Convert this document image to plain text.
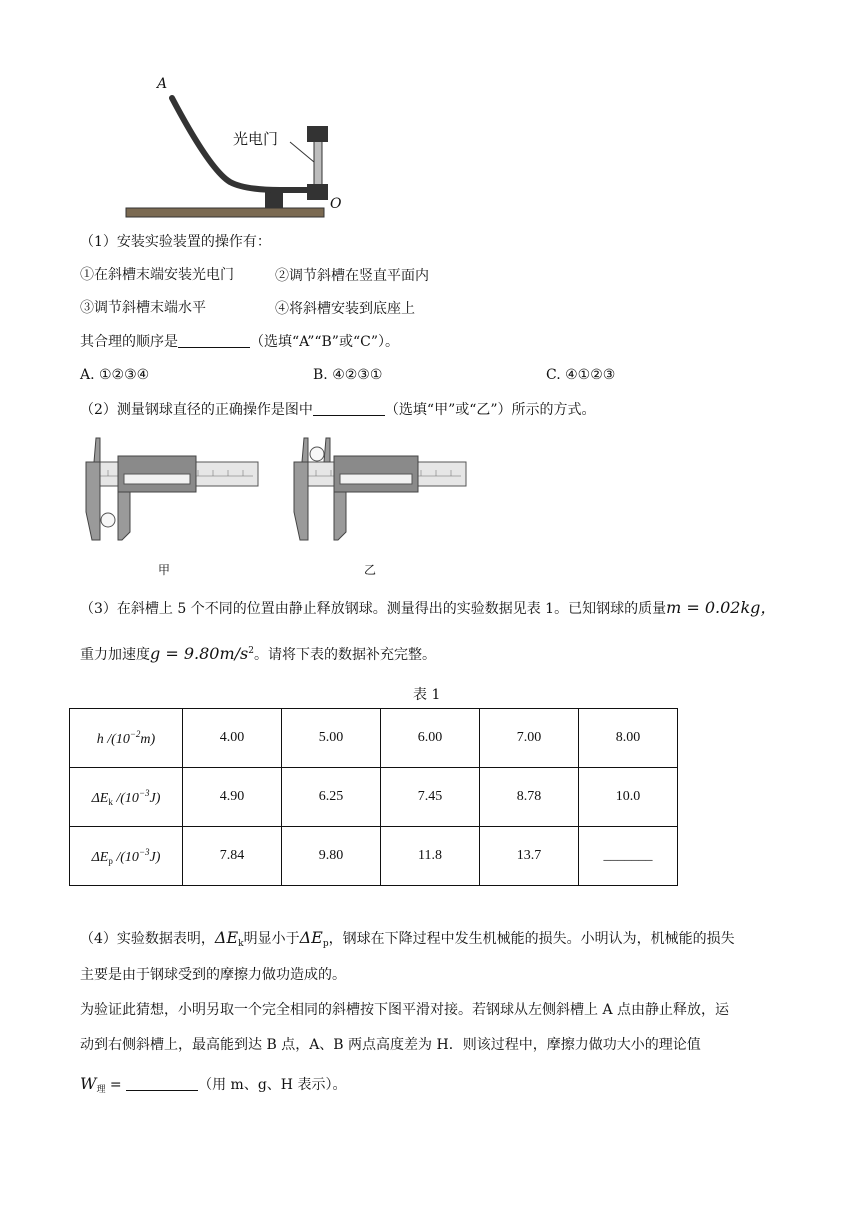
A
光电门
O
（1）安装实验装置的操作有：
①在斜槽末端安装光电门	②调节斜槽在竖直平面内
③调节斜槽末端水平	④将斜槽安装到底座上
其合理的顺序是	（选填“A”“B”或“C”）。
A. ①②③④	B. ④②③①	C. ④①②③
（2）测量钢球直径的正确操作是图中	（选填“甲”或“乙”）所示的方式。
甲	乙
（3）在斜槽上 5 个不同的位置由静止释放钢球。测量得出的实验数据见表 1。已知钢球的质量m = 0.02kg，
重力加速度$g = 9.80m/s^2$。请将下表的数据补充完整。
表 1
h $/(10^{-2}m)$	4.00	5.00	6.00	7.00	8.00
$\Delta E_k$ $/(10^{-3}J)$	4.90	6.25	7.45	8.78	10.0
$\Delta E_p$ $/(10^{-3}J)$	7.84	9.80	11.8	13.7	_______
（4）实验数据表明，$\Delta E_k$明显小于$\Delta E_p$，钢球在下降过程中发生机械能的损失。小明认为，机械能的损失
主要是由于钢球受到的摩擦力做功造成的。
为验证此猜想，小明另取一个完全相同的斜槽按下图平滑对接。若钢球从左侧斜槽上 A 点由静止释放，运
动到右侧斜槽上，最高能到达 B 点，A、B 两点高度差为 H．则该过程中，摩擦力做功大小的理论值
$W_理$ =	（用 m、g、H 表示）。
